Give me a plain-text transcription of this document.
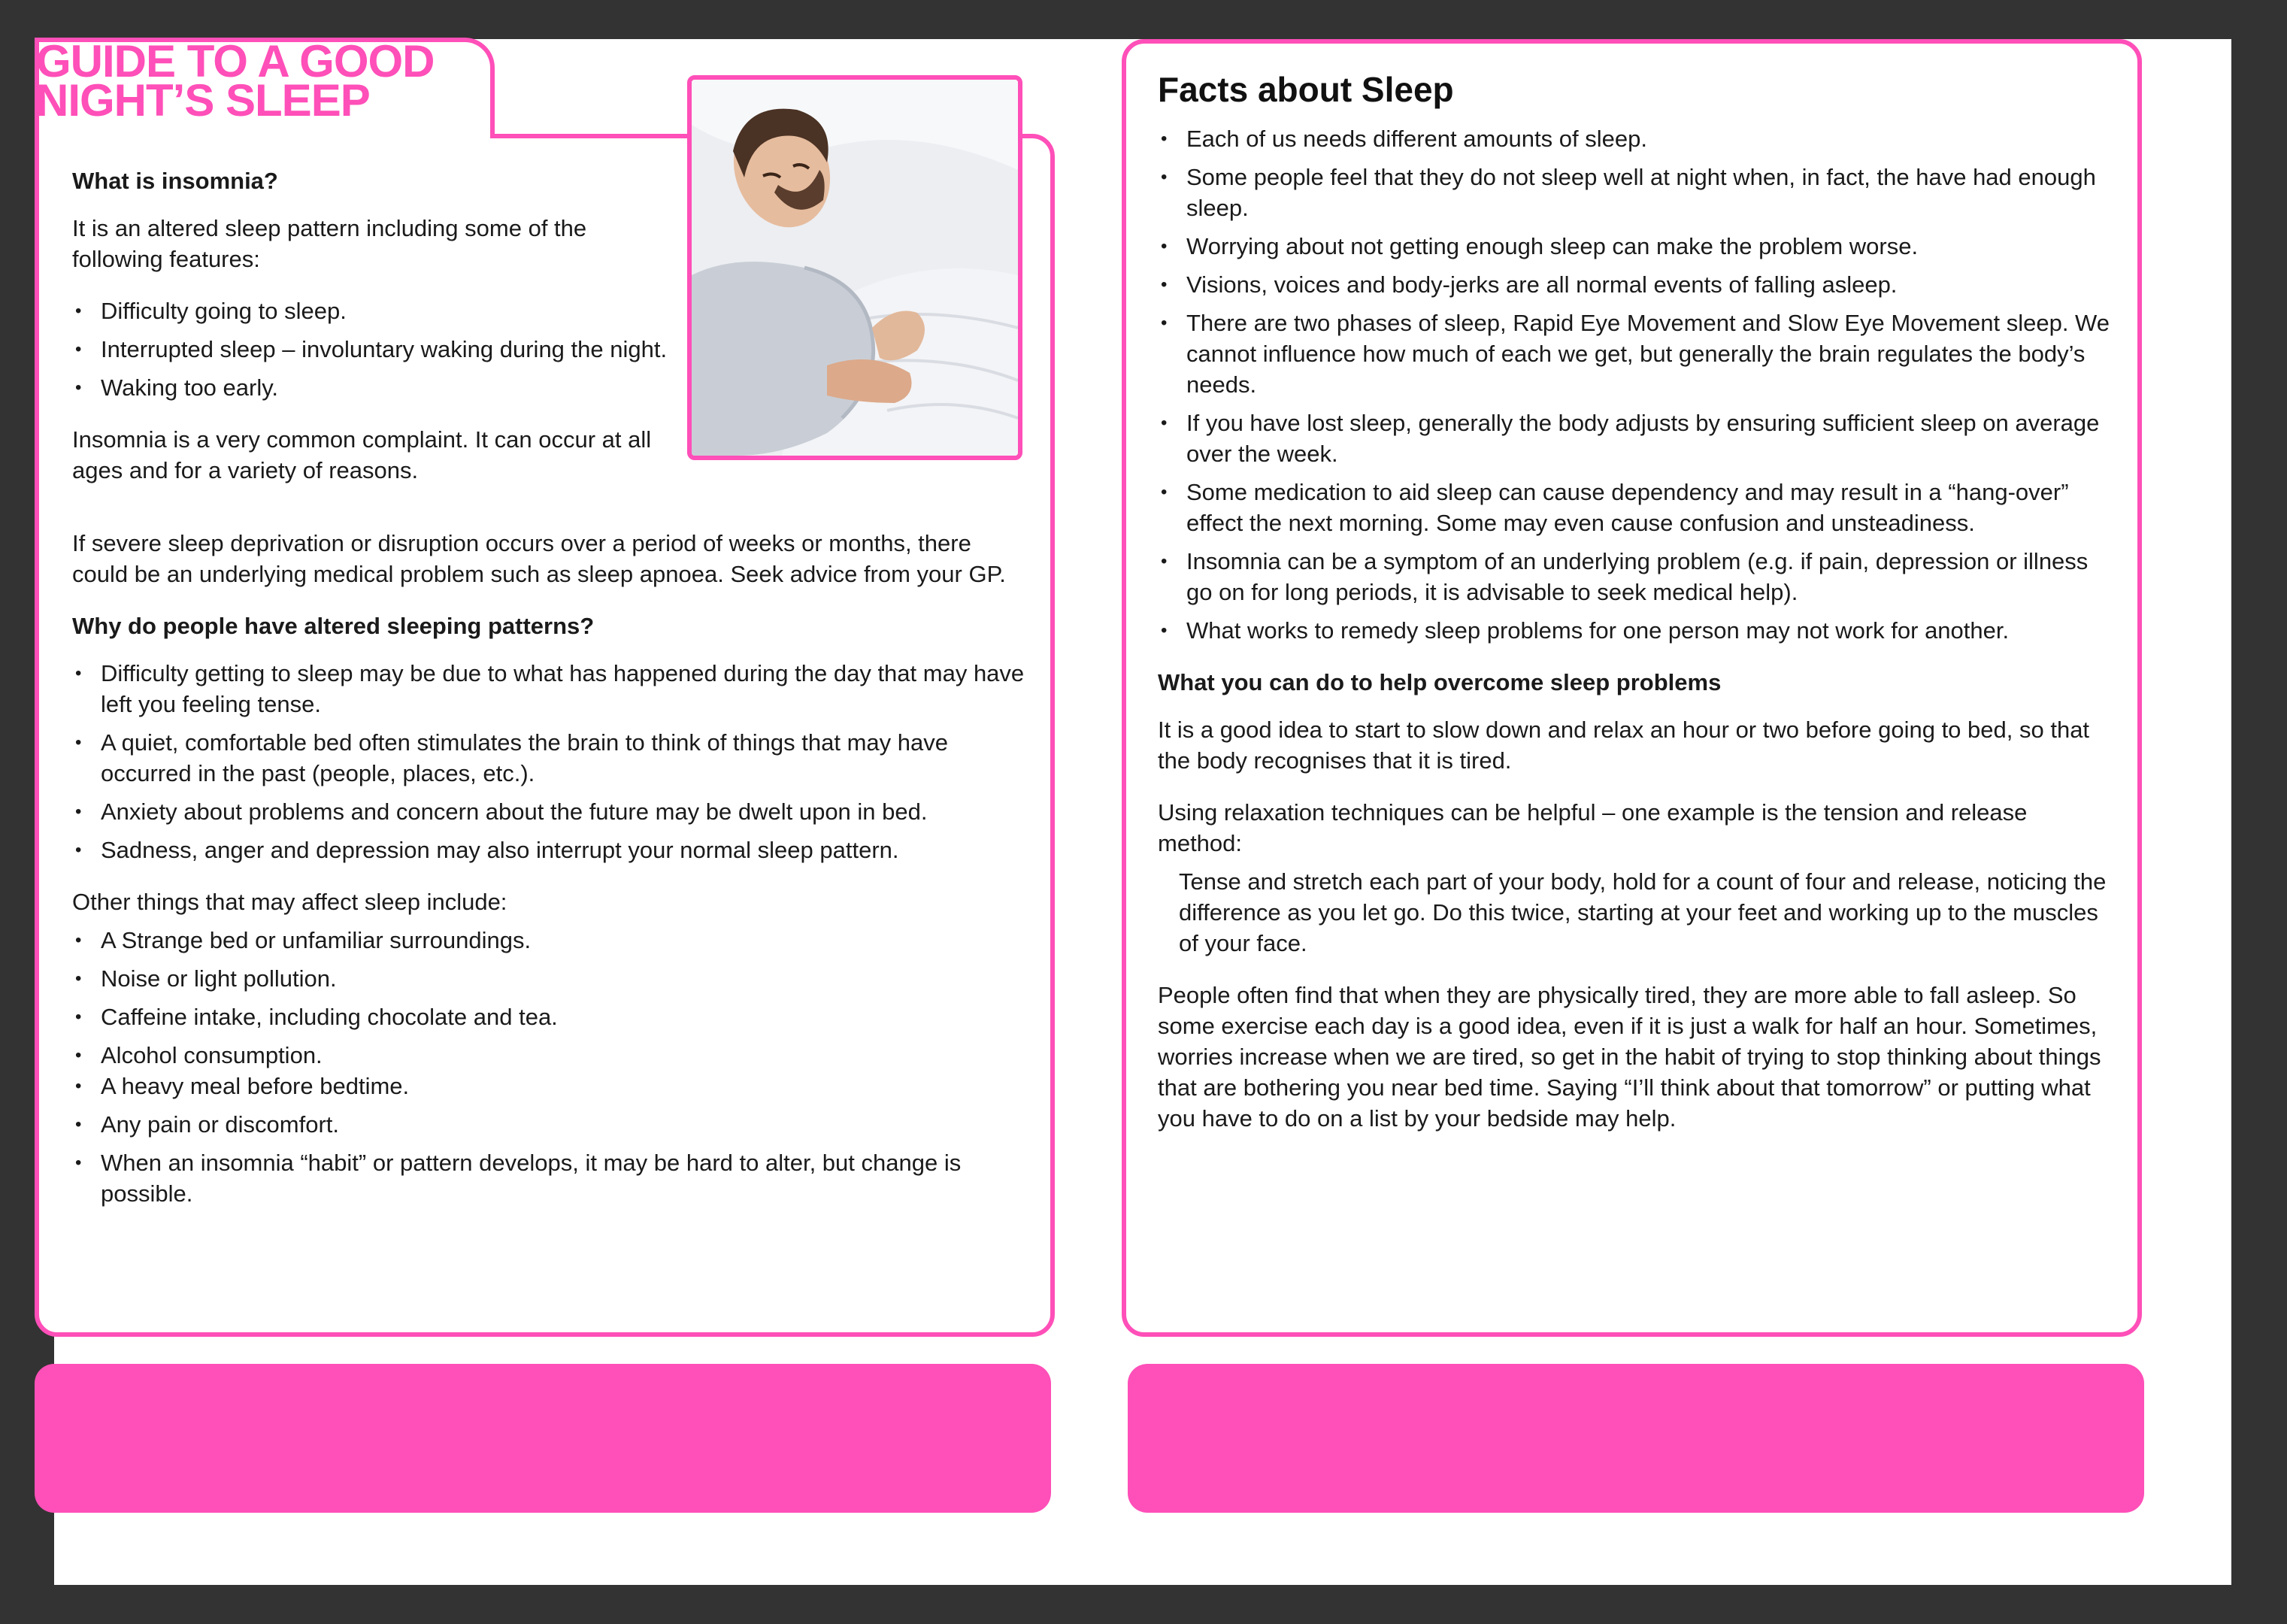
GUIDE TO A GOOD NIGHT’S SLEEP
What is insomnia?

It is an altered sleep pattern including some of the following features:

• Difficulty going to sleep.
• Interrupted sleep – involuntary waking during the night.
• Waking too early.

Insomnia is a very common complaint. It can occur at all ages and for a variety of reasons.

If severe sleep deprivation or disruption occurs over a period of weeks or months, there could be an underlying medical problem such as sleep apnoea. Seek advice from your GP.

Why do people have altered sleeping patterns?
• Difficulty getting to sleep may be due to what has happened during the day that may have left you feeling tense.
• A quiet, comfortable bed often stimulates the brain to think of things that may have occurred in the past (people, places, etc.).
• Anxiety about problems and concern about the future may be dwelt upon in bed.
• Sadness, anger and depression may also interrupt your normal sleep pattern.

Other things that may affect sleep include:

• A Strange bed or unfamiliar surroundings.
• Noise or light pollution.
• Caffeine intake, including chocolate and tea.
• Alcohol consumption.
• A heavy meal before bedtime.
• Any pain or discomfort.
• When an insomnia “habit” or pattern develops, it may be hard to alter, but change is possible.
Facts about Sleep
• Each of us needs different amounts of sleep.
• Some people feel that they do not sleep well at night when, in fact, the have had enough sleep.
• Worrying about not getting enough sleep can make the problem worse.
• Visions, voices and body-jerks are all normal events of falling asleep.
• There are two phases of sleep, Rapid Eye Movement and Slow Eye Movement sleep. We cannot influence how much of each we get, but generally the brain regulates the body’s needs.
• If you have lost sleep, generally the body adjusts by ensuring sufficient sleep on average over the week.
• Some medication to aid sleep can cause dependency and may result in a “hang-over” effect the next morning. Some may even cause confusion and unsteadiness.
• Insomnia can be a symptom of an underlying problem (e.g. if pain, depression or illness go on for long periods, it is advisable to seek medical help).
• What works to remedy sleep problems for one person may not work for another.
What you can do to help overcome sleep problems

It is a good idea to start to slow down and relax an hour or two before going to bed, so that the body recognises that it is tired.

Using relaxation techniques can be helpful – one example is the tension and release method:

Tense and stretch each part of your body, hold for a count of four and release, noticing the difference as you let go. Do this twice, starting at your feet and working up to the muscles of your face.

People often find that when they are physically tired, they are more able to fall asleep. So some exercise each day is a good idea, even if it is just a walk for half an hour. Sometimes, worries increase when we are tired, so get in the habit of trying to stop thinking about things that are bothering you near bed time. Saying “I’ll think about that tomorrow” or putting what you have to do on a list by your bedside may help.
